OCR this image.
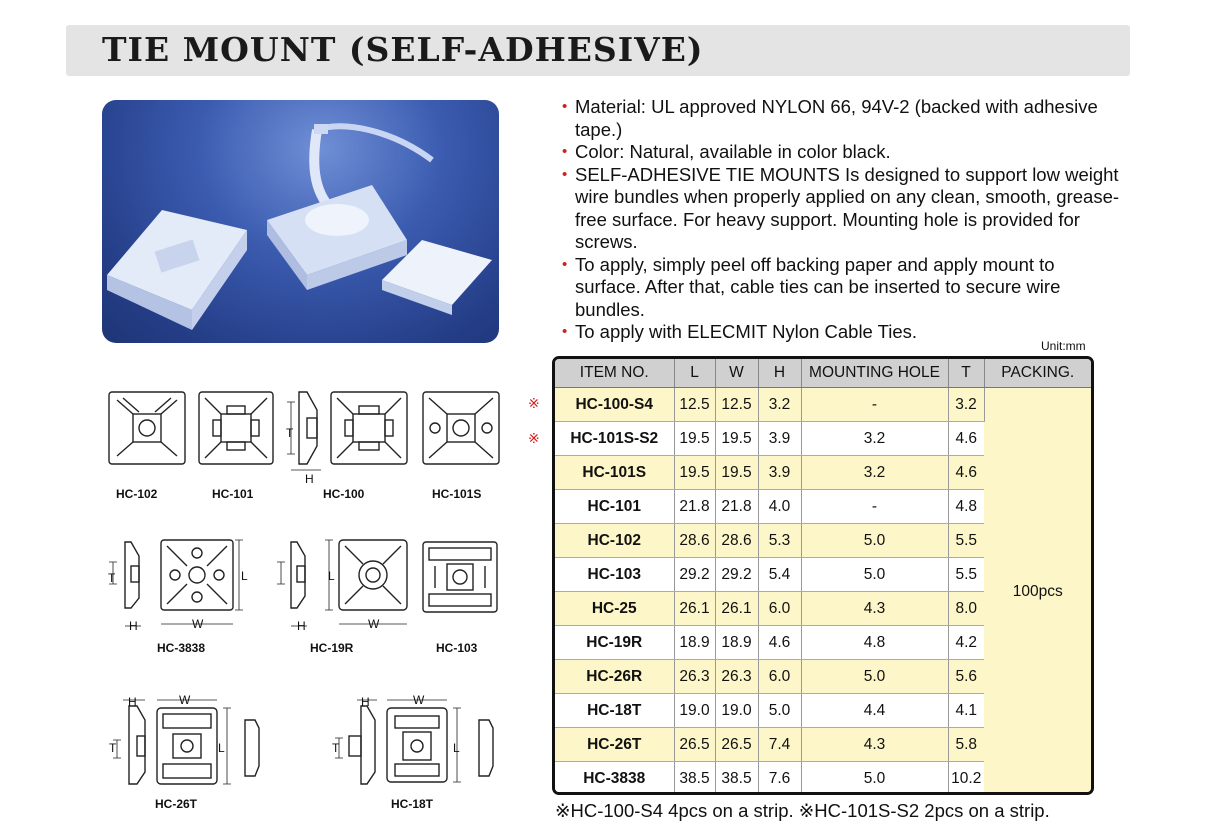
TIE MOUNT (SELF-ADHESIVE)
• Material: UL approved NYLON 66, 94V-2 (backed with adhesive tape.)
• Color: Natural, available in color black.
• SELF-ADHESIVE TIE MOUNTS Is designed to support low weight wire bundles when properly applied on any clean, smooth, grease-free surface. For heavy support. Mounting hole is provided for screws.
• To apply, simply peel off backing paper and apply mount to surface. After that, cable ties can be inserted to secure wire bundles.
• To apply with ELECMIT Nylon Cable Ties.
Unit:mm
※
※
ITEM NO.	L	W	H	MOUNTING HOLE	T	PACKING.
HC-100-S4	12.5	12.5	3.2	-	3.2	100pcs
HC-101S-S2	19.5	19.5	3.9	3.2	4.6	
HC-101S	19.5	19.5	3.9	3.2	4.6	
HC-101	21.8	21.8	4.0	-	4.8	
HC-102	28.6	28.6	5.3	5.0	5.5	
HC-103	29.2	29.2	5.4	5.0	5.5	
HC-25	26.1	26.1	6.0	4.3	8.0	
HC-19R	18.9	18.9	4.6	4.8	4.2	
HC-26R	26.3	26.3	6.0	5.0	5.6	
HC-18T	19.0	19.0	5.0	4.4	4.1	
HC-26T	26.5	26.5	7.4	4.3	5.8	
HC-3838	38.5	38.5	7.6	5.0	10.2	
※HC-100-S4 4pcs on a strip. ※HC-101S-S2 2pcs on a strip.
T
H
T
H	W
L
H
L
W
H	W
T	L
H	W
T	L
HC-102	HC-101	HC-100	HC-101S
HC-3838	HC-19R	HC-103
HC-26T	HC-18T
